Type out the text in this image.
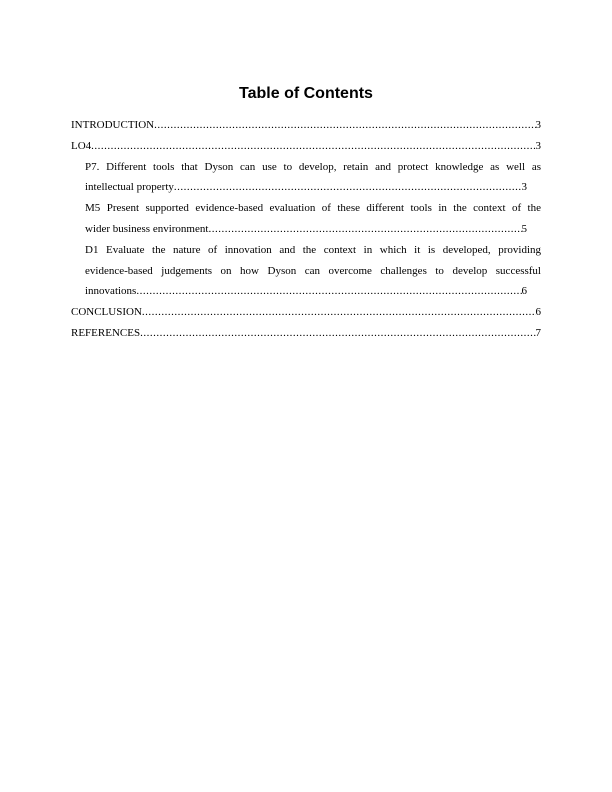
Table of Contents
INTRODUCTION .....	3
LO4 .....	3
P7. Different tools that Dyson can use to develop, retain and protect knowledge as well as
intellectual property .....	3
M5 Present supported evidence-based evaluation of these different tools in the context of the
wider business environment .....	5
D1 Evaluate the nature of innovation and the context in which it is developed, providing
evidence-based judgements on how Dyson can overcome challenges to develop successful
innovations .....	6
CONCLUSION .....	6
REFERENCES .....	7
